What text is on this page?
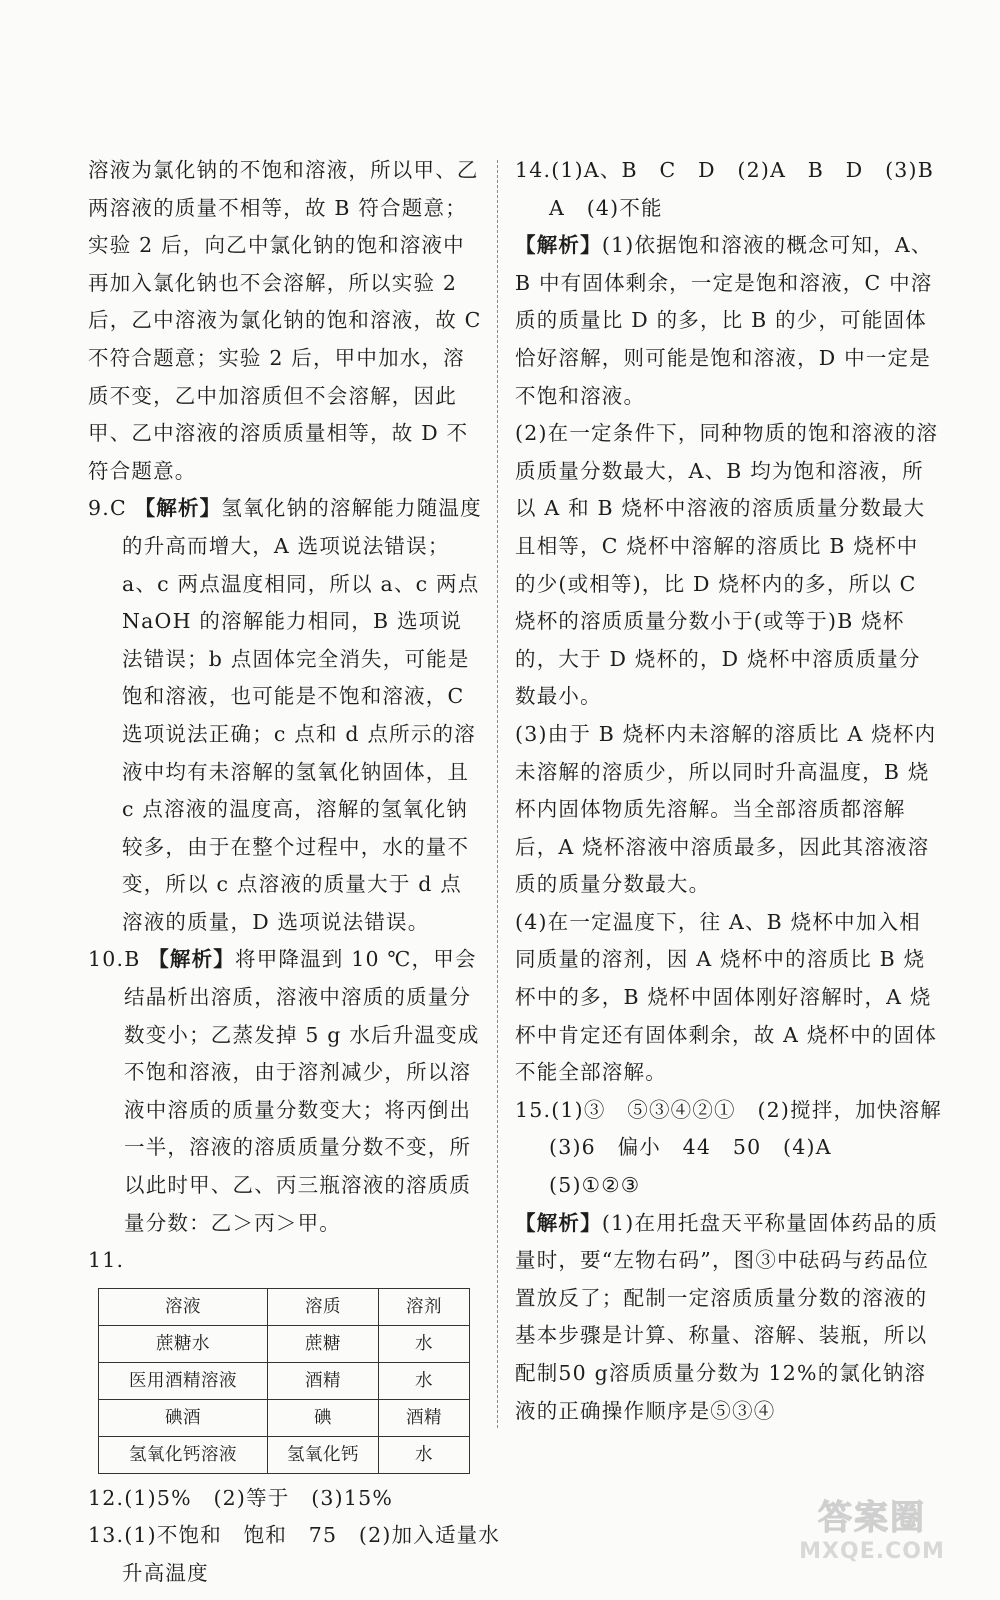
溶液为氯化钠的不饱和溶液，所以甲、乙两溶液的质量不相等，故 B 符合题意；实验 2 后，向乙中氯化钠的饱和溶液中再加入氯化钠也不会溶解，所以实验 2 后，乙中溶液为氯化钠的饱和溶液，故 C 不符合题意；实验 2 后，甲中加水，溶质不变，乙中加溶质但不会溶解，因此甲、乙中溶液的溶质质量相等，故 D 不符合题意。

9.C 【解析】氢氧化钠的溶解能力随温度的升高而增大，A 选项说法错误；a、c 两点温度相同，所以 a、c 两点 NaOH 的溶解能力相同，B 选项说法错误；b 点固体完全消失，可能是饱和溶液，也可能是不饱和溶液，C 选项说法正确；c 点和 d 点所示的溶液中均有未溶解的氢氧化钠固体，且 c 点溶液的温度高，溶解的氢氧化钠较多，由于在整个过程中，水的量不变，所以 c 点溶液的质量大于 d 点溶液的质量，D 选项说法错误。

10.B 【解析】将甲降温到 10 ℃，甲会结晶析出溶质，溶液中溶质的质量分数变小；乙蒸发掉 5 g 水后升温变成不饱和溶液，由于溶剂减少，所以溶液中溶质的质量分数变大；将丙倒出一半，溶液的溶质质量分数不变，所以此时甲、乙、丙三瓶溶液的溶质质量分数：乙＞丙＞甲。

11.

溶液	溶质	溶剂
蔗糖水	蔗糖	水
医用酒精溶液	酒精	水
碘酒	碘	酒精
氢氧化钙溶液	氢氧化钙	水

12.(1)5%　(2)等于　(3)15%

13.(1)不饱和　饱和　75　(2)加入适量水

升高温度

14.(1)A、B　C　D　(2)A　B　D　(3)B

A　(4)不能

【解析】(1)依据饱和溶液的概念可知，A、B 中有固体剩余，一定是饱和溶液，C 中溶质的质量比 D 的多，比 B 的少，可能固体恰好溶解，则可能是饱和溶液，D 中一定是不饱和溶液。

(2)在一定条件下，同种物质的饱和溶液的溶质质量分数最大，A、B 均为饱和溶液，所以 A 和 B 烧杯中溶液的溶质质量分数最大且相等，C 烧杯中溶解的溶质比 B 烧杯中的少(或相等)，比 D 烧杯内的多，所以 C 烧杯的溶质质量分数小于(或等于)B 烧杯的，大于 D 烧杯的，D 烧杯中溶质质量分数最小。

(3)由于 B 烧杯内未溶解的溶质比 A 烧杯内未溶解的溶质少，所以同时升高温度，B 烧杯内固体物质先溶解。当全部溶质都溶解后，A 烧杯溶液中溶质最多，因此其溶液溶质的质量分数最大。

(4)在一定温度下，往 A、B 烧杯中加入相同质量的溶剂，因 A 烧杯中的溶质比 B 烧杯中的多，B 烧杯中固体刚好溶解时，A 烧杯中肯定还有固体剩余，故 A 烧杯中的固体不能全部溶解。

15.(1)③　⑤③④②①　(2)搅拌，加快溶解

(3)6　偏小　44　50　(4)A

(5)①②③

【解析】(1)在用托盘天平称量固体药品的质量时，要“左物右码”，图③中砝码与药品位置放反了；配制一定溶质质量分数的溶液的基本步骤是计算、称量、溶解、装瓶，所以配制50 g溶质质量分数为 12%的氯化钠溶液的正确操作顺序是⑤③④

答案圈
MXQE.COM
